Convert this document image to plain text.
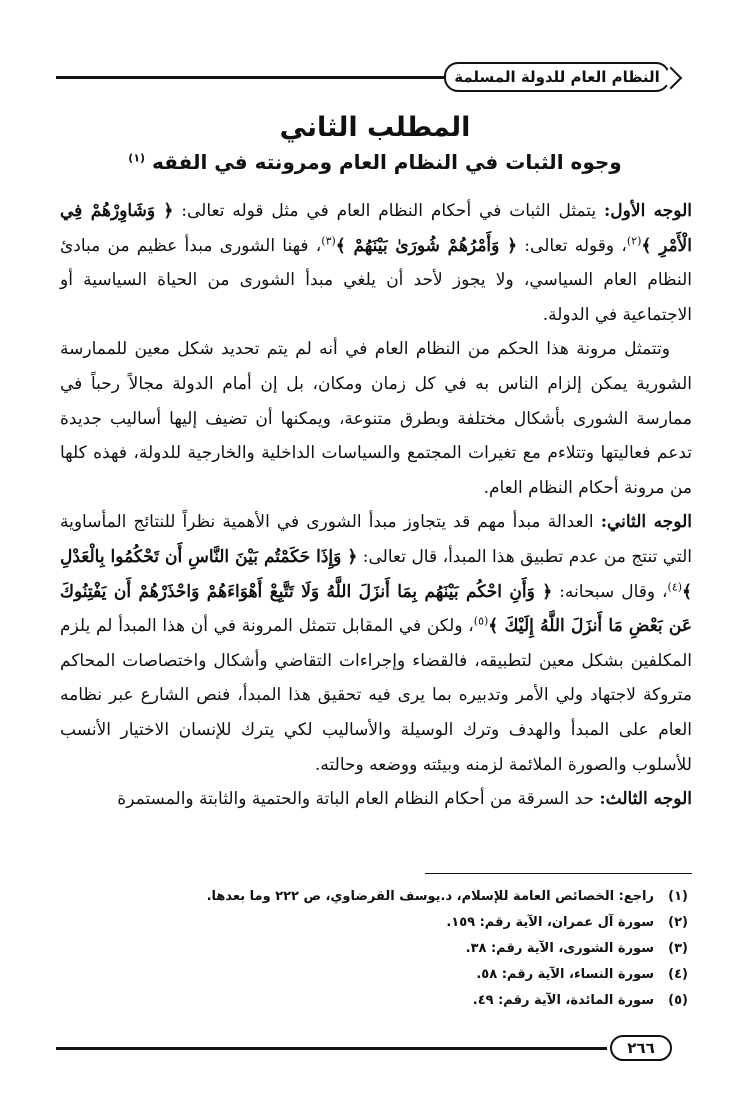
النظام العام للدولة المسلمة
المطلب الثاني
وجوه الثبات في النظام العام ومرونته في الفقه $^{(١)}$

الوجه الأول: يتمثل الثبات في أحكام النظام العام في مثل قوله تعالى: ﴿ وَشَاوِرْهُمْ فِي الْأَمْرِ ﴾$^{(٢)}$، وقوله تعالى: ﴿ وَأَمْرُهُمْ شُورَىٰ بَيْنَهُمْ ﴾$^{(٣)}$، فهنا الشورى مبدأ عظيم من مبادئ النظام العام السياسي، ولا يجوز لأحد أن يلغي مبدأ الشورى من الحياة السياسية أو الاجتماعية في الدولة.

وتتمثل مرونة هذا الحكم من النظام العام في أنه لم يتم تحديد شكل معين للممارسة الشورية يمكن إلزام الناس به في كل زمان ومكان، بل إن أمام الدولة مجالاً رحباً في ممارسة الشورى بأشكال مختلفة وبطرق متنوعة، ويمكنها أن تضيف إليها أساليب جديدة تدعم فعاليتها وتتلاءم مع تغيرات المجتمع والسياسات الداخلية والخارجية للدولة، فهذه كلها من مرونة أحكام النظام العام.

الوجه الثاني: العدالة مبدأ مهم قد يتجاوز مبدأ الشورى في الأهمية نظراً للنتائج المأساوية التي تنتج من عدم تطبيق هذا المبدأ، قال تعالى: ﴿ وَإِذَا حَكَمْتُم بَيْنَ النَّاسِ أَن تَحْكُمُوا بِالْعَدْلِ ﴾$^{(٤)}$، وقال سبحانه: ﴿ وَأَنِ احْكُم بَيْنَهُم بِمَا أَنزَلَ اللَّهُ وَلَا تَتَّبِعْ أَهْوَاءَهُمْ وَاحْذَرْهُمْ أَن يَفْتِنُوكَ عَن بَعْضِ مَا أَنزَلَ اللَّهُ إِلَيْكَ ﴾$^{(٥)}$، ولكن في المقابل تتمثل المرونة في أن هذا المبدأ لم يلزم المكلفين بشكل معين لتطبيقه، فالقضاء وإجراءات التقاضي وأشكال واختصاصات المحاكم متروكة لاجتهاد ولي الأمر وتدبيره بما يرى فيه تحقيق هذا المبدأ، فنص الشارع عبر نظامه العام على المبدأ والهدف وترك الوسيلة والأساليب لكي يترك للإنسان الاختيار الأنسب للأسلوب والصورة الملائمة لزمنه وبيئته ووضعه وحالته.

الوجه الثالث: حد السرقة من أحكام النظام العام الباتة والحتمية والثابتة والمستمرة

(١)راجع: الخصائص العامة للإسلام، د.يوسف القرضاوي، ص ٢٢٢ وما بعدها.
(٢)سورة آل عمران، الآية رقم: ١٥٩.
(٣)سورة الشورى، الآية رقم: ٣٨.
(٤)سورة النساء، الآية رقم: ٥٨.
(٥)سورة المائدة، الآية رقم: ٤٩.
٢٦٦
